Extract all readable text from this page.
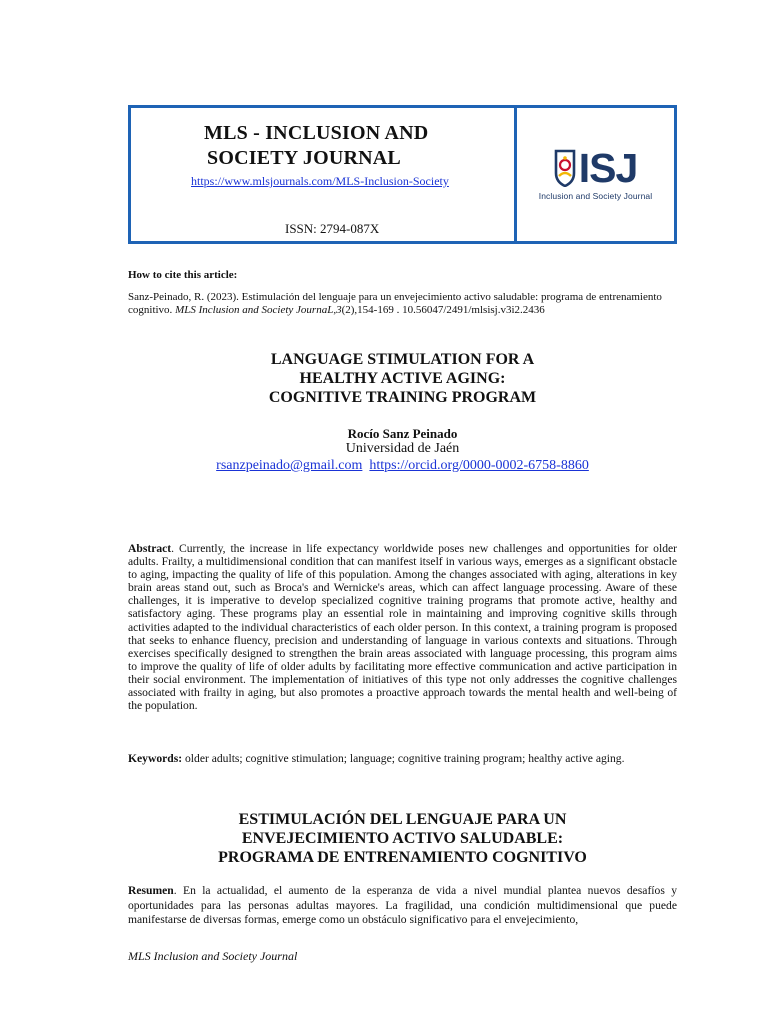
MLS - INCLUSION AND
SOCIETY JOURNAL
https://www.mlsjournals.com/MLS-Inclusion-Society
ISSN: 2794-087X
ISJ
Inclusion and Society Journal
How to cite this article:
Sanz-Peinado, R. (2023). Estimulación del lenguaje para un envejecimiento activo saludable: programa de entrenamiento cognitivo. MLS Inclusion and Society JournaL,3(2),154-169 . 10.56047/2491/mlsisj.v3i2.2436
LANGUAGE STIMULATION FOR A
HEALTHY ACTIVE AGING:
COGNITIVE TRAINING PROGRAM
Rocío Sanz Peinado
Universidad de Jaén
rsanzpeinado@gmail.com https://orcid.org/0000-0002-6758-8860
Abstract. Currently, the increase in life expectancy worldwide poses new challenges and opportunities for older adults. Frailty, a multidimensional condition that can manifest itself in various ways, emerges as a significant obstacle to aging, impacting the quality of life of this population. Among the changes associated with aging, alterations in key brain areas stand out, such as Broca's and Wernicke's areas, which can affect language processing. Aware of these challenges, it is imperative to develop specialized cognitive training programs that promote active, healthy and satisfactory aging. These programs play an essential role in maintaining and improving cognitive skills through activities adapted to the individual characteristics of each older person. In this context, a training program is proposed that seeks to enhance fluency, precision and understanding of language in various contexts and situations. Through exercises specifically designed to strengthen the brain areas associated with language processing, this program aims to improve the quality of life of older adults by facilitating more effective communication and active participation in their social environment. The implementation of initiatives of this type not only addresses the cognitive challenges associated with frailty in aging, but also promotes a proactive approach towards the mental health and well-being of the population.
Keywords: older adults; cognitive stimulation; language; cognitive training program; healthy active aging.
ESTIMULACIÓN DEL LENGUAJE PARA UN
ENVEJECIMIENTO ACTIVO SALUDABLE:
PROGRAMA DE ENTRENAMIENTO COGNITIVO
Resumen. En la actualidad, el aumento de la esperanza de vida a nivel mundial plantea nuevos desafíos y oportunidades para las personas adultas mayores. La fragilidad, una condición multidimensional que puede manifestarse de diversas formas, emerge como un obstáculo significativo para el envejecimiento,
MLS Inclusion and Society Journal
